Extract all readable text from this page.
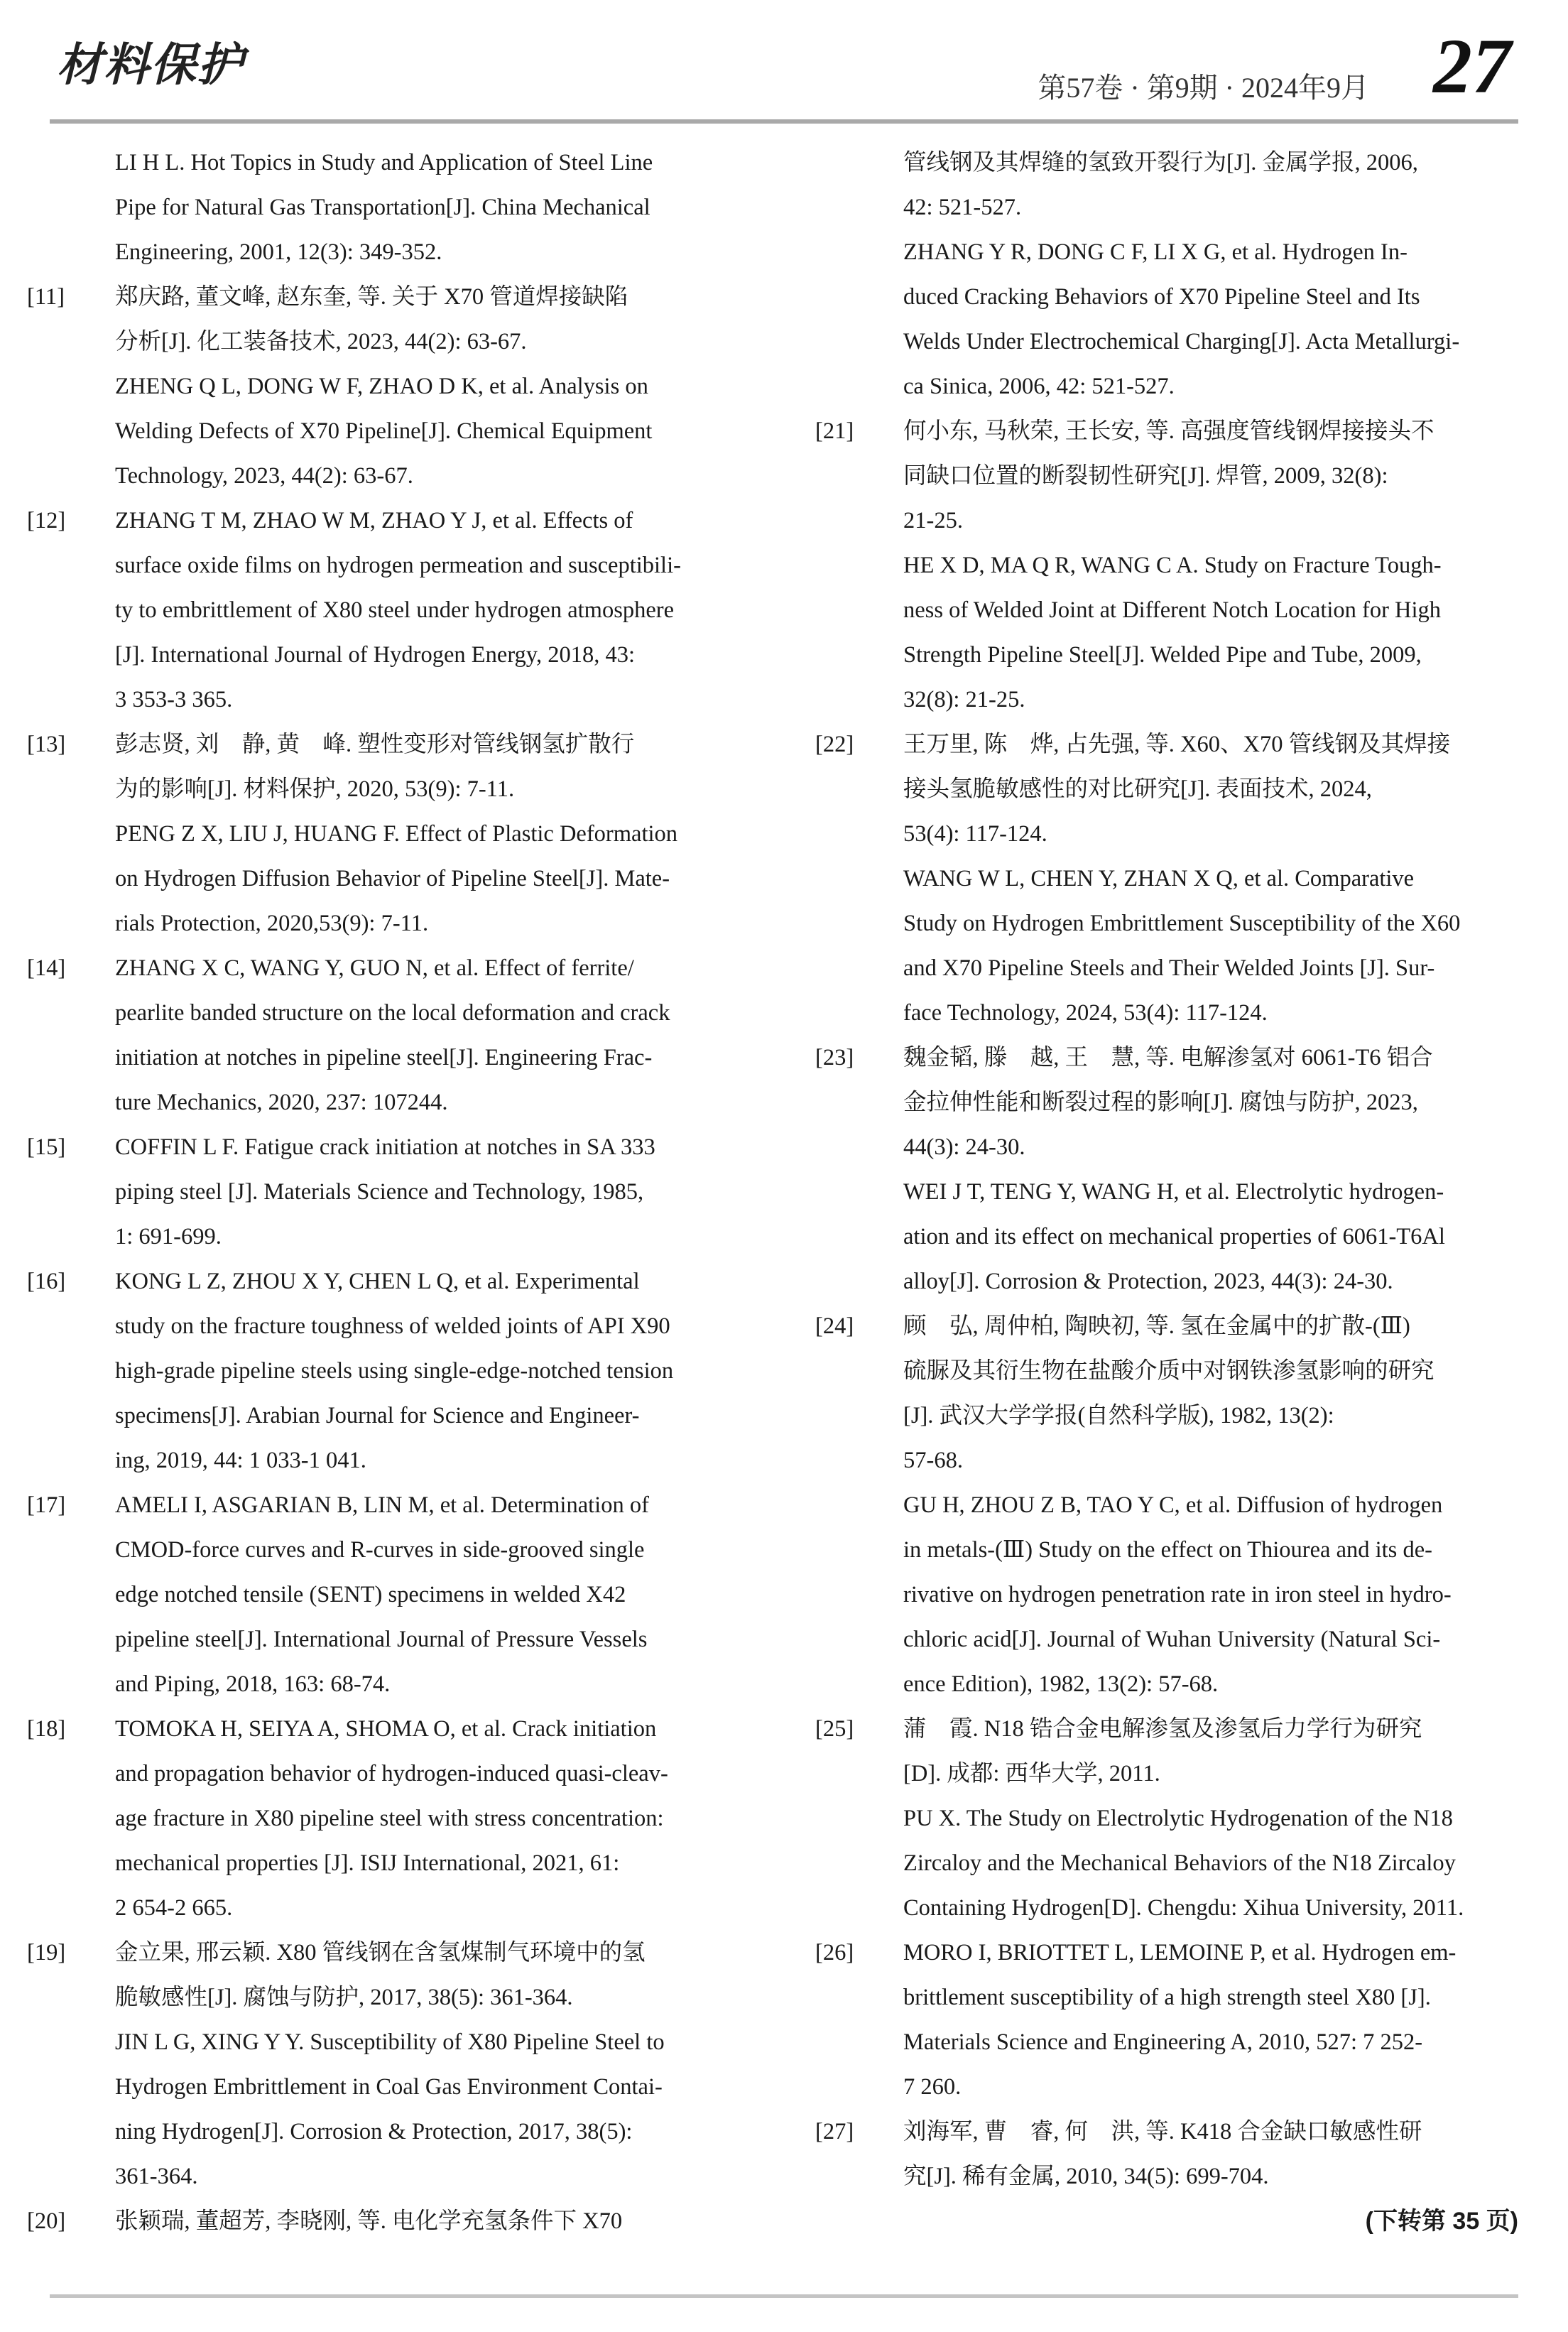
材料保护	第57卷 · 第9期 · 2024年9月 27
LI H L. Hot Topics in Study and Application of Steel Line
Pipe for Natural Gas Transportation[J]. China Mechanical
Engineering, 2001, 12(3): 349-352.
[11]	郑庆路, 董文峰, 赵东奎, 等. 关于 X70 管道焊接缺陷
分析[J]. 化工装备技术, 2023, 44(2): 63-67.
ZHENG Q L, DONG W F, ZHAO D K, et al. Analysis on
Welding Defects of X70 Pipeline[J]. Chemical Equipment
Technology, 2023, 44(2): 63-67.
[12]	ZHANG T M, ZHAO W M, ZHAO Y J, et al. Effects of
surface oxide films on hydrogen permeation and susceptibili-
ty to embrittlement of X80 steel under hydrogen atmosphere
[J]. International Journal of Hydrogen Energy, 2018, 43:
3 353-3 365.
[13]	彭志贤, 刘　静, 黄　峰. 塑性变形对管线钢氢扩散行
为的影响[J]. 材料保护, 2020, 53(9): 7-11.
PENG Z X, LIU J, HUANG F. Effect of Plastic Deformation
on Hydrogen Diffusion Behavior of Pipeline Steel[J]. Mate-
rials Protection, 2020,53(9): 7-11.
[14]	ZHANG X C, WANG Y, GUO N, et al. Effect of ferrite/
pearlite banded structure on the local deformation and crack
initiation at notches in pipeline steel[J]. Engineering Frac-
ture Mechanics, 2020, 237: 107244.
[15]	COFFIN L F. Fatigue crack initiation at notches in SA 333
piping steel [J]. Materials Science and Technology, 1985,
1: 691-699.
[16]	KONG L Z, ZHOU X Y, CHEN L Q, et al. Experimental
study on the fracture toughness of welded joints of API X90
high-grade pipeline steels using single-edge-notched tension
specimens[J]. Arabian Journal for Science and Engineer-
ing, 2019, 44: 1 033-1 041.
[17]	AMELI I, ASGARIAN B, LIN M, et al. Determination of
CMOD-force curves and R-curves in side-grooved single
edge notched tensile (SENT) specimens in welded X42
pipeline steel[J]. International Journal of Pressure Vessels
and Piping, 2018, 163: 68-74.
[18]	TOMOKA H, SEIYA A, SHOMA O, et al. Crack initiation
and propagation behavior of hydrogen-induced quasi-cleav-
age fracture in X80 pipeline steel with stress concentration:
mechanical properties [J]. ISIJ International, 2021, 61:
2 654-2 665.
[19]	金立果, 邢云颖. X80 管线钢在含氢煤制气环境中的氢
脆敏感性[J]. 腐蚀与防护, 2017, 38(5): 361-364.
JIN L G, XING Y Y. Susceptibility of X80 Pipeline Steel to
Hydrogen Embrittlement in Coal Gas Environment Contai-
ning Hydrogen[J]. Corrosion & Protection, 2017, 38(5):
361-364.
[20]	张颖瑞, 董超芳, 李晓刚, 等. 电化学充氢条件下 X70
管线钢及其焊缝的氢致开裂行为[J]. 金属学报, 2006,
42: 521-527.
ZHANG Y R, DONG C F, LI X G, et al. Hydrogen In-
duced Cracking Behaviors of X70 Pipeline Steel and Its
Welds Under Electrochemical Charging[J]. Acta Metallurgi-
ca Sinica, 2006, 42: 521-527.
[21]	何小东, 马秋荣, 王长安, 等. 高强度管线钢焊接接头不
同缺口位置的断裂韧性研究[J]. 焊管, 2009, 32(8):
21-25.
HE X D, MA Q R, WANG C A. Study on Fracture Tough-
ness of Welded Joint at Different Notch Location for High
Strength Pipeline Steel[J]. Welded Pipe and Tube, 2009,
32(8): 21-25.
[22]	王万里, 陈　烨, 占先强, 等. X60、X70 管线钢及其焊接
接头氢脆敏感性的对比研究[J]. 表面技术, 2024,
53(4): 117-124.
WANG W L, CHEN Y, ZHAN X Q, et al. Comparative
Study on Hydrogen Embrittlement Susceptibility of the X60
and X70 Pipeline Steels and Their Welded Joints [J]. Sur-
face Technology, 2024, 53(4): 117-124.
[23]	魏金韬, 滕　越, 王　慧, 等. 电解渗氢对 6061-T6 铝合
金拉伸性能和断裂过程的影响[J]. 腐蚀与防护, 2023,
44(3): 24-30.
WEI J T, TENG Y, WANG H, et al. Electrolytic hydrogen-
ation and its effect on mechanical properties of 6061-T6Al
alloy[J]. Corrosion & Protection, 2023, 44(3): 24-30.
[24]	顾　弘, 周仲柏, 陶映初, 等. 氢在金属中的扩散-(Ⅲ)
硫脲及其衍生物在盐酸介质中对钢铁渗氢影响的研究
[J]. 武汉大学学报(自然科学版), 1982, 13(2):
57-68.
GU H, ZHOU Z B, TAO Y C, et al. Diffusion of hydrogen
in metals-(Ⅲ) Study on the effect on Thiourea and its de-
rivative on hydrogen penetration rate in iron steel in hydro-
chloric acid[J]. Journal of Wuhan University (Natural Sci-
ence Edition), 1982, 13(2): 57-68.
[25]	蒲　霞. N18 锆合金电解渗氢及渗氢后力学行为研究
[D]. 成都: 西华大学, 2011.
PU X. The Study on Electrolytic Hydrogenation of the N18
Zircaloy and the Mechanical Behaviors of the N18 Zircaloy
Containing Hydrogen[D]. Chengdu: Xihua University, 2011.
[26]	MORO I, BRIOTTET L, LEMOINE P, et al. Hydrogen em-
brittlement susceptibility of a high strength steel X80 [J].
Materials Science and Engineering A, 2010, 527: 7 252-
7 260.
[27]	刘海军, 曹　睿, 何　洪, 等. K418 合金缺口敏感性研
究[J]. 稀有金属, 2010, 34(5): 699-704.
(下转第 35 页)
